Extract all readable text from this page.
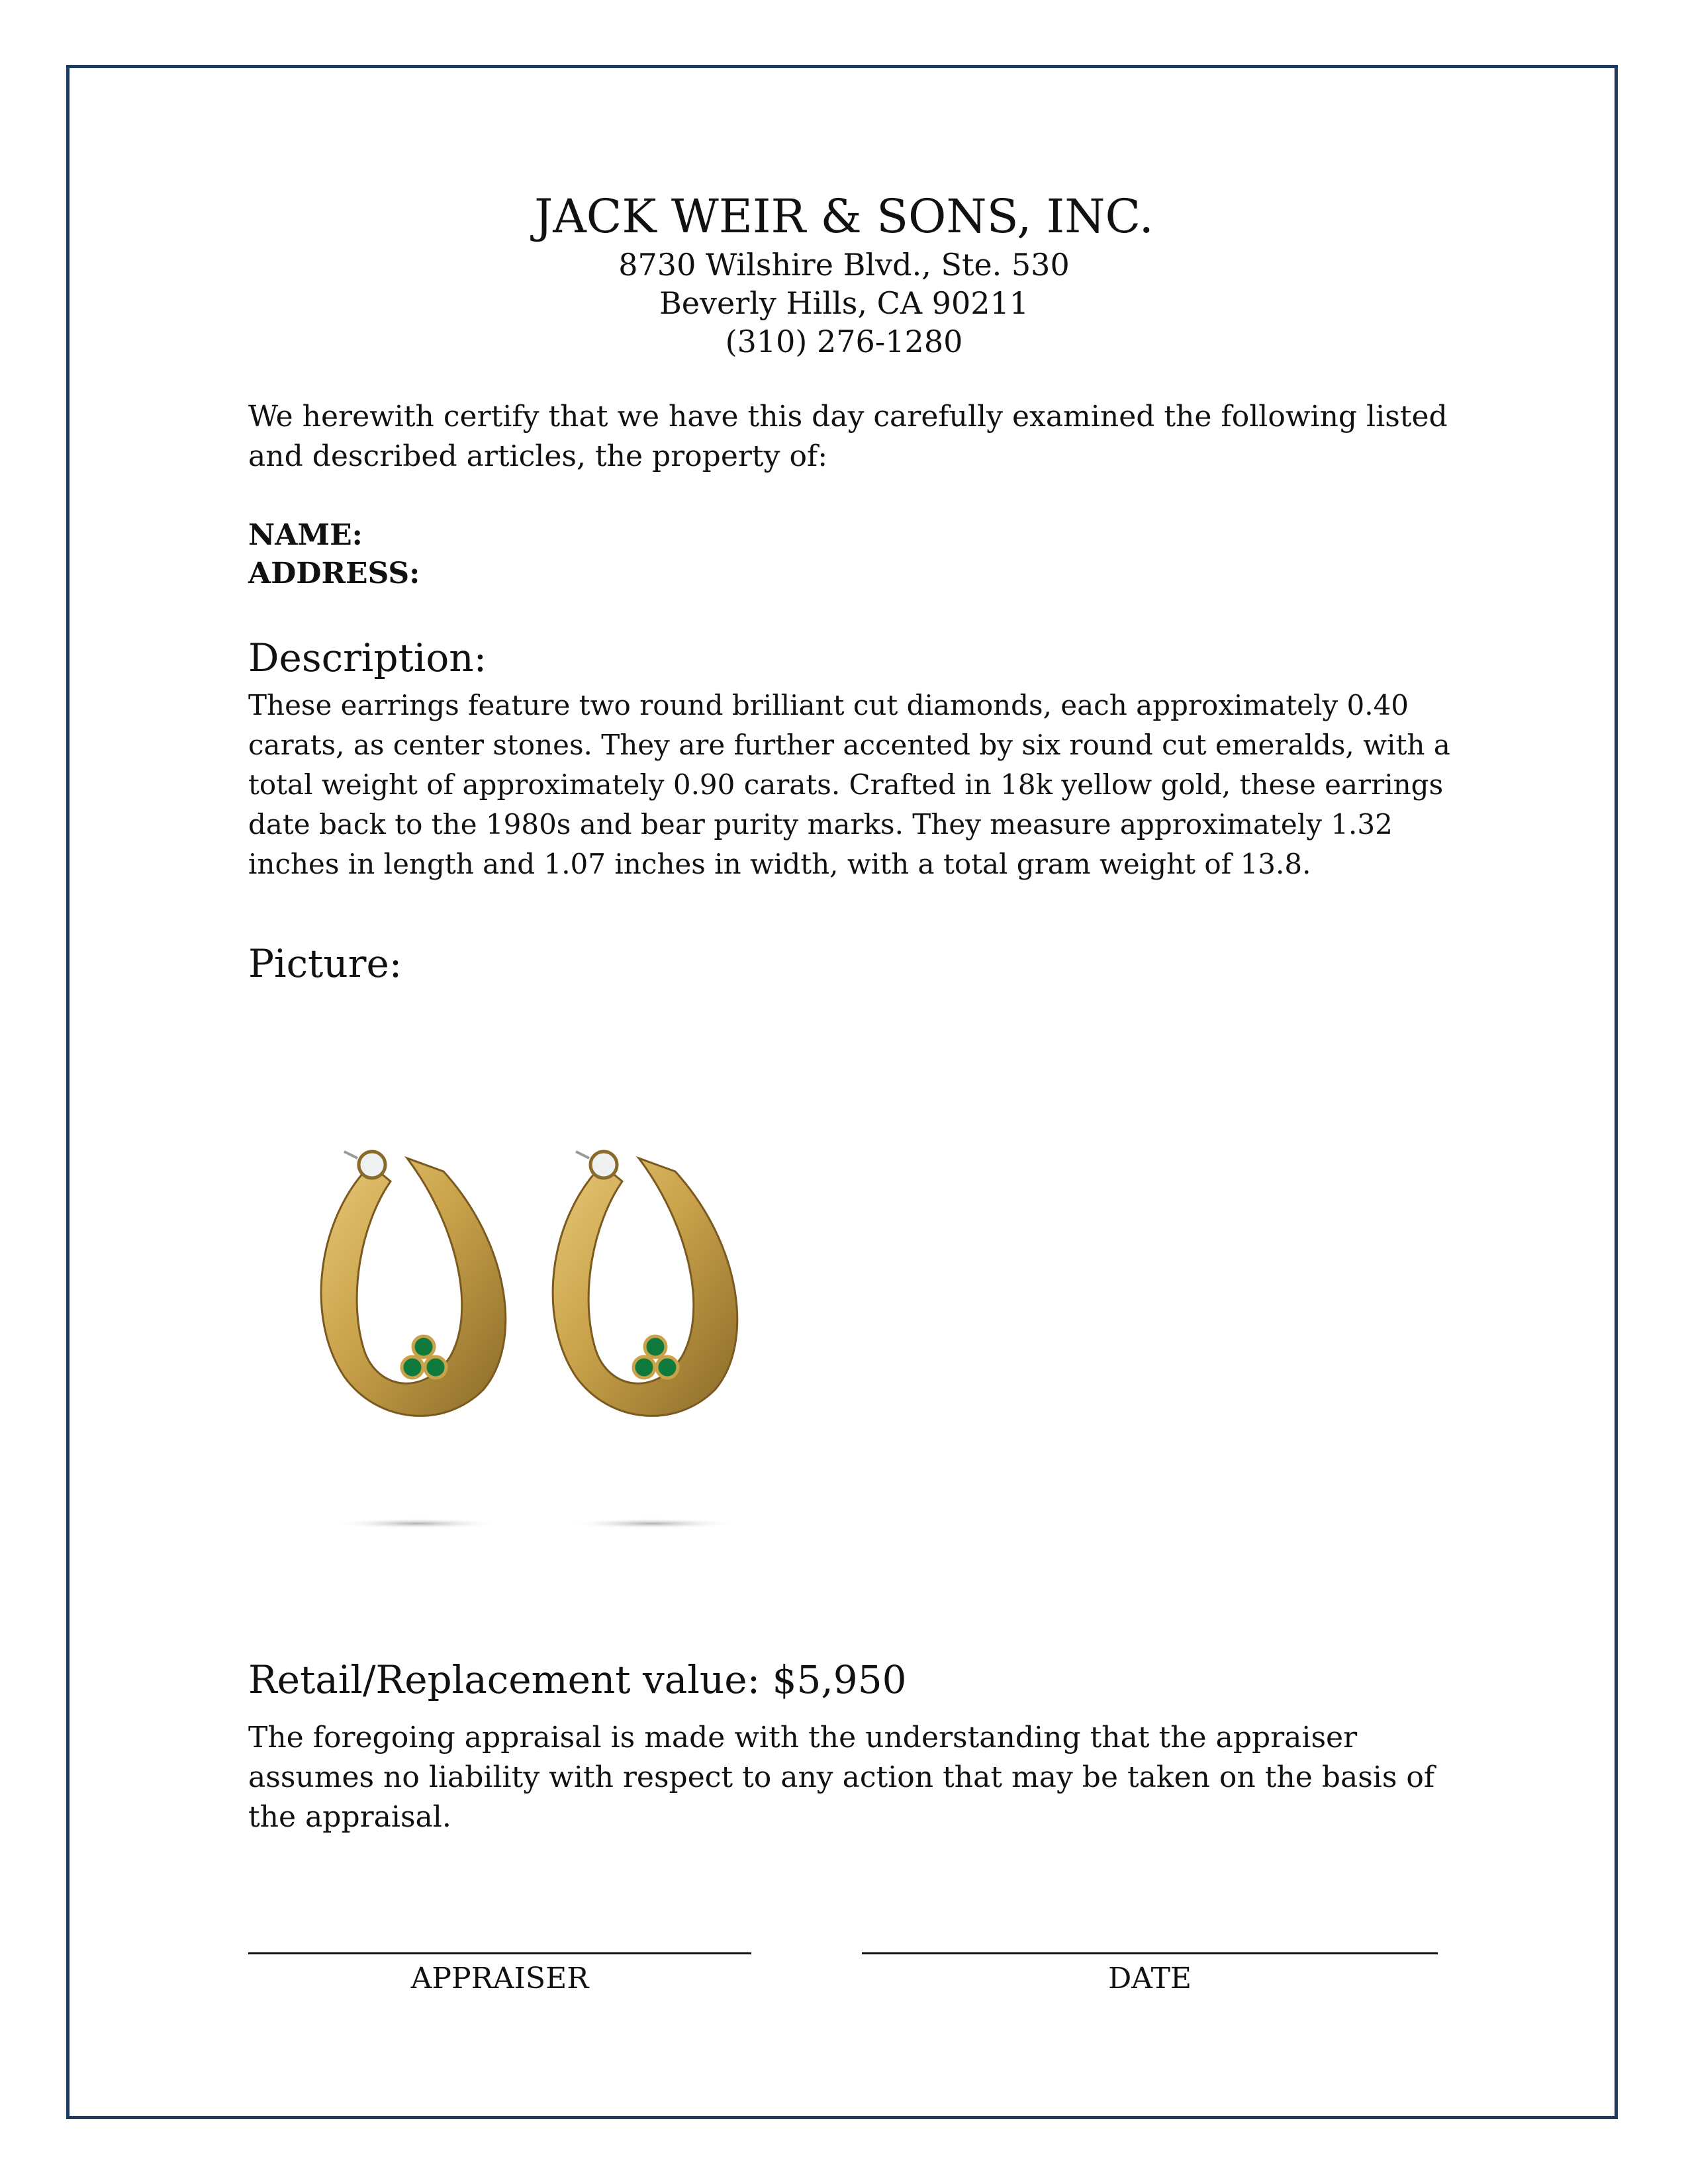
JACK WEIR & SONS, INC.
8730 Wilshire Blvd., Ste. 530
Beverly Hills, CA 90211
(310) 276-1280
We herewith certify that we have this day carefully examined the following listed and described articles, the property of:
NAME:
ADDRESS:
Description:
These earrings feature two round brilliant cut diamonds, each approximately 0.40 carats, as center stones. They are further accented by six round cut emeralds, with a total weight of approximately 0.90 carats. Crafted in 18k yellow gold, these earrings date back to the 1980s and bear purity marks. They measure approximately 1.32 inches in length and 1.07 inches in width, with a total gram weight of 13.8.
Picture:
Retail/Replacement value: $5,950
The foregoing appraisal is made with the understanding that the appraiser assumes no liability with respect to any action that may be taken on the basis of the appraisal.
APPRAISER	DATE
